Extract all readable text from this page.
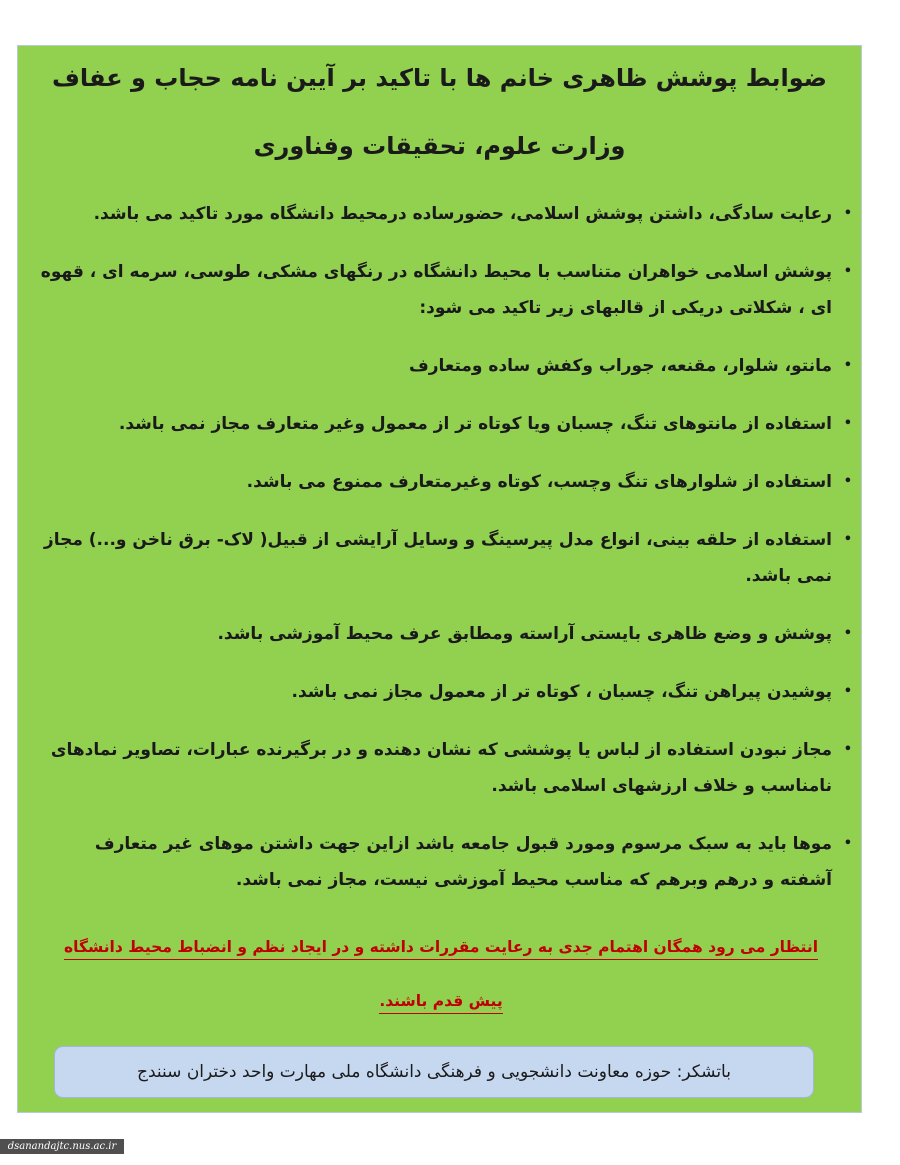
ضوابط پوشش ظاهری خانم ها با تاکید بر آیین نامه حجاب و عفاف
وزارت علوم، تحقیقات وفناوری
•
رعایت سادگی، داشتن پوشش اسلامی، حضورساده درمحیط دانشگاه مورد تاکید می باشد.
•
پوشش اسلامی خواهران متناسب با محیط دانشگاه در رنگهای مشکی، طوسی، سرمه ای ، قهوه ای ، شکلاتی دریکی از قالبهای زیر تاکید می شود:
•
مانتو، شلوار، مقنعه، جوراب وکفش ساده ومتعارف
•
استفاده از مانتوهای تنگ، چسبان ویا کوتاه تر از معمول وغیر متعارف مجاز نمی باشد.
•
استفاده از شلوارهای تنگ وچسب، کوتاه وغیرمتعارف ممنوع می باشد.
•
استفاده از حلقه بینی، انواع مدل پیرسینگ و وسایل آرایشی از قبیل( لاک- برق ناخن و...) مجاز نمی باشد.
•
پوشش و وضع ظاهری بایستی آراسته ومطابق عرف محیط آموزشی باشد.
•
پوشیدن پیراهن تنگ، چسبان ، کوتاه تر از معمول مجاز نمی باشد.
•
مجاز نبودن استفاده از لباس یا پوششی که نشان دهنده و در برگیرنده عبارات، تصاویر نمادهای نامناسب و خلاف ارزشهای اسلامی باشد.
•
موها باید به سبک مرسوم ومورد قبول جامعه باشد ازاین جهت داشتن موهای غیر متعارف آشفته و درهم وبرهم که مناسب محیط آموزشی نیست، مجاز نمی باشد.

انتظار می رود همگان اهتمام جدی به رعایت مقررات داشته و در ایجاد نظم و انضباط محیط دانشگاه

پیش قدم باشند.

باتشکر: حوزه معاونت دانشجویی و فرهنگی دانشگاه ملی مهارت واحد دختران سنندج
dsanandajtc.nus.ac.ir
